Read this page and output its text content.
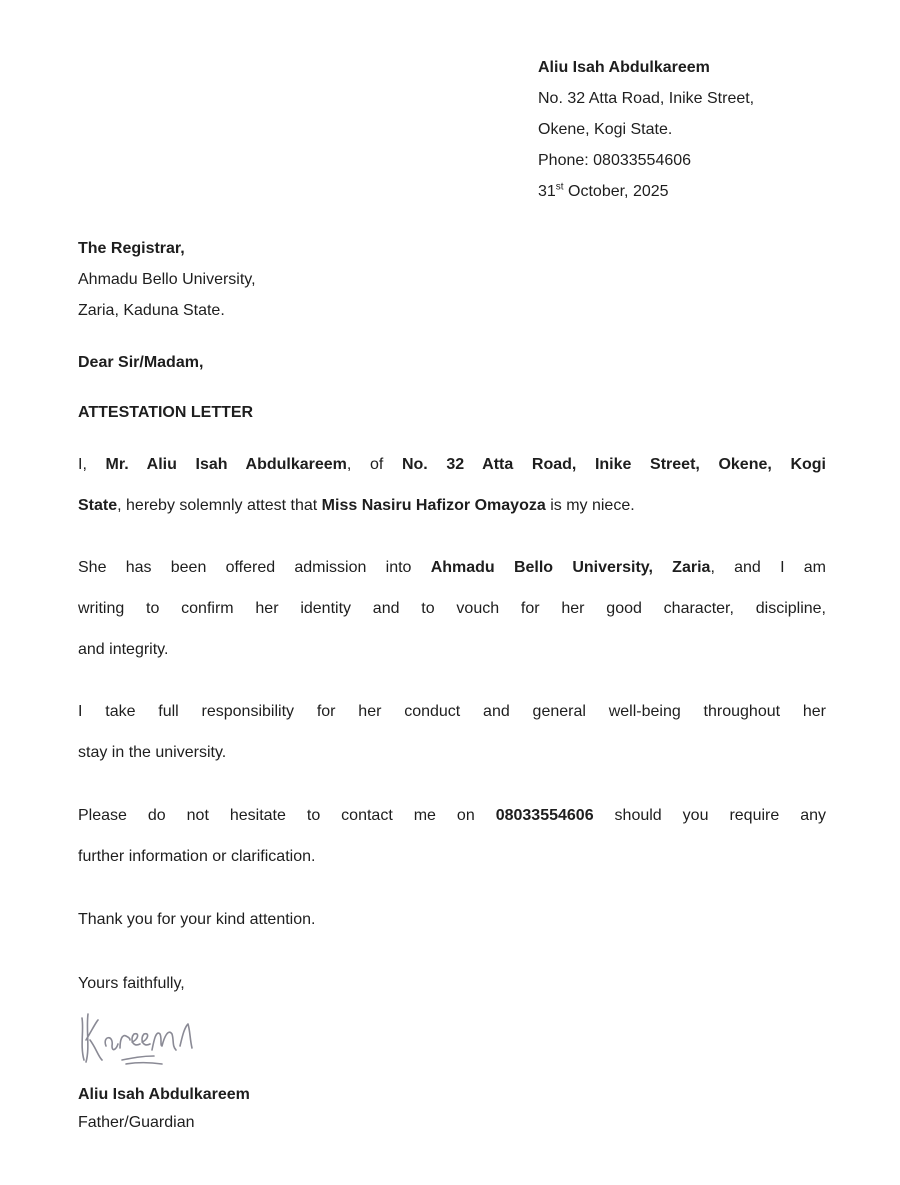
Aliu Isah Abdulkareem
No. 32 Atta Road, Inike Street,
Okene, Kogi State.
Phone: 08033554606
31st October, 2025
The Registrar,
Ahmadu Bello University,
Zaria, Kaduna State.
Dear Sir/Madam,
ATTESTATION LETTER
I, Mr. Aliu Isah Abdulkareem, of No. 32 Atta Road, Inike Street, Okene, Kogi
State, hereby solemnly attest that Miss Nasiru Hafizor Omayoza is my niece.
She has been offered admission into Ahmadu Bello University, Zaria, and I am
writing to confirm her identity and to vouch for her good character, discipline,
and integrity.
I take full responsibility for her conduct and general well-being throughout her
stay in the university.
Please do not hesitate to contact me on 08033554606 should you require any
further information or clarification.
Thank you for your kind attention.
Yours faithfully,
Aliu Isah Abdulkareem
Father/Guardian
